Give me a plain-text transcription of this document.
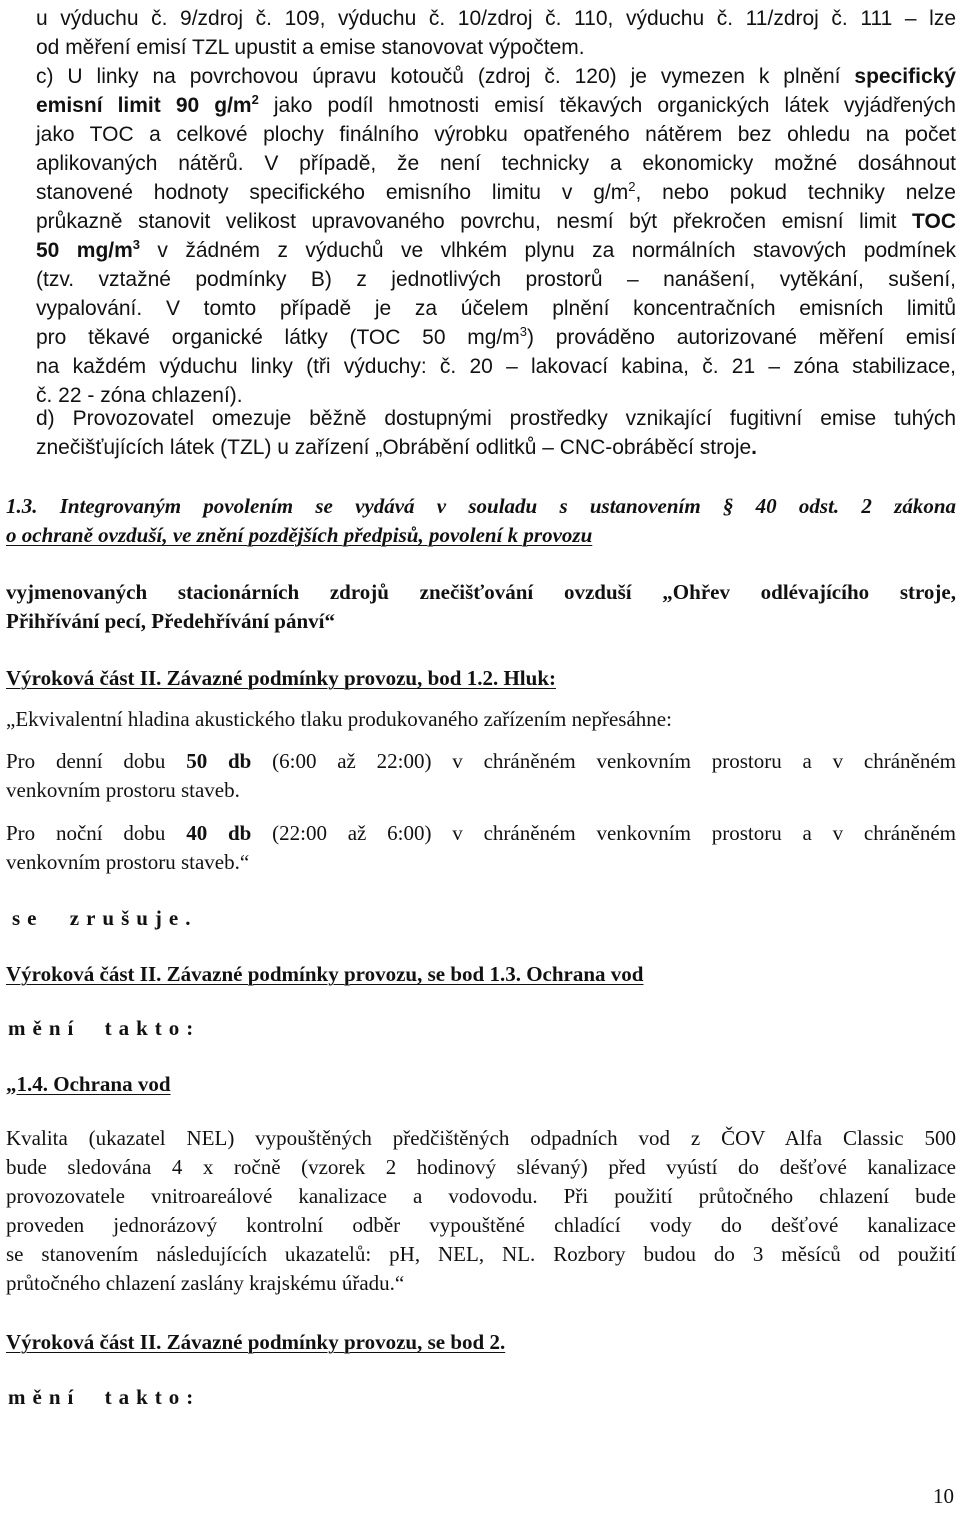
u výduchu č. 9/zdroj č. 109, výduchu č. 10/zdroj č. 110, výduchu č. 11/zdroj č. 111 – lze
od měření emisí TZL upustit a emise stanovovat výpočtem.
c) U linky na povrchovou úpravu kotoučů (zdroj č. 120) je vymezen k plnění specifický
emisní limit 90 $g/m^2$ jako podíl hmotnosti emisí těkavých organických látek vyjádřených
jako TOC a celkové plochy finálního výrobku opatřeného nátěrem bez ohledu na počet
aplikovaných nátěrů. V případě, že není technicky a ekonomicky možné dosáhnout
stanovené hodnoty specifického emisního limitu v $g/m^2$, nebo pokud techniky nelze
průkazně stanovit velikost upravovaného povrchu, nesmí být překročen emisní limit TOC
50 $mg/m^3$ v žádném z výduchů ve vlhkém plynu za normálních stavových podmínek
(tzv. vztažné podmínky B) z jednotlivých prostorů – nanášení, vytěkání, sušení,
vypalování. V tomto případě je za účelem plnění koncentračních emisních limitů
pro těkavé organické látky (TOC 50 $mg/m^3$) prováděno autorizované měření emisí
na každém výduchu linky (tři výduchy: č. 20 – lakovací kabina, č. 21 – zóna stabilizace,
č. 22 - zóna chlazení).
d) Provozovatel omezuje běžně dostupnými prostředky vznikající fugitivní emise tuhých
znečišťujících látek (TZL) u zařízení „Obrábění odlitků – CNC-obráběcí stroje.
1.3. Integrovaným povolením se vydává v souladu s ustanovením § 40 odst. 2 zákona
o ochraně ovzduší, ve znění pozdějších předpisů, povolení k provozu
vyjmenovaných stacionárních zdrojů znečišťování ovzduší „Ohřev odlévajícího stroje,
Přihřívání pecí, Předehřívání pánví“
Výroková část II. Závazné podmínky provozu, bod 1.2. Hluk:
„Ekvivalentní hladina akustického tlaku produkovaného zařízením nepřesáhne:
Pro denní dobu 50 db (6:00 až 22:00) v chráněném venkovním prostoru a v chráněném
venkovním prostoru staveb.
Pro noční dobu 40 db (22:00 až 6:00) v chráněném venkovním prostoru a v chráněném
venkovním prostoru staveb.“
se zrušuje.
Výroková část II. Závazné podmínky provozu, se bod 1.3. Ochrana vod
mění takto:
„1.4. Ochrana vod
Kvalita (ukazatel NEL) vypouštěných předčištěných odpadních vod z ČOV Alfa Classic 500
bude sledována 4 x ročně (vzorek 2 hodinový slévaný) před vyústí do dešťové kanalizace
provozovatele vnitroareálové kanalizace a vodovodu. Při použití průtočného chlazení bude
proveden jednorázový kontrolní odběr vypouštěné chladící vody do dešťové kanalizace
se stanovením následujících ukazatelů: pH, NEL, NL. Rozbory budou do 3 měsíců od použití
průtočného chlazení zaslány krajskému úřadu.“
Výroková část II. Závazné podmínky provozu, se bod 2.
mění takto:
10
